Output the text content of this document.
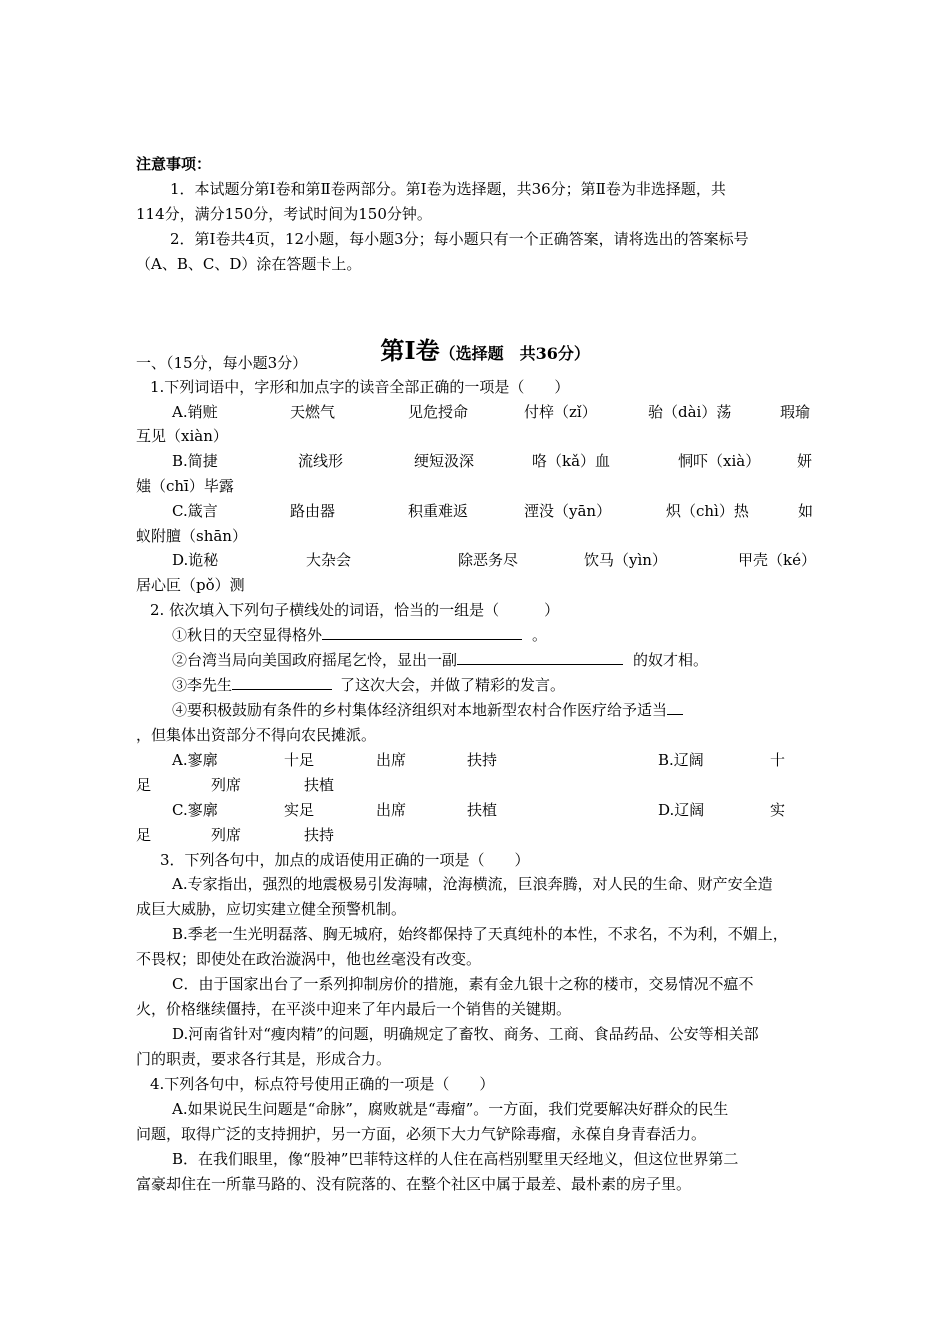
注意事项：
1．本试题分第Ⅰ卷和第Ⅱ卷两部分。第Ⅰ卷为选择题，共36分；第Ⅱ卷为非选择题，共
114分，满分150分，考试时间为150分钟。
2．第Ⅰ卷共4页，12小题，每小题3分；每小题只有一个正确答案，请将选出的答案标号
（A、B、C、D）涂在答题卡上。

第Ⅰ卷（选择题　共36分）

一、（15分，每小题3分）
1.下列词语中，字形和加点字的读音全部正确的一项是（　　）
A.销赃	天燃气	见危授命	付梓（zǐ）	骀（dài）荡	瑕瑜
互见（xiàn）
B.简捷	流线形	绠短汲深	咯（kǎ）血	恫吓（xià） 妍
媸（chī）毕露
C.箴言	路由器	积重难返	湮没（yān）	炽（chì）热	如
蚁附膻（shān）
D.诡秘	大杂会	除恶务尽	饮马（yìn）	甲壳（ké）
居心叵（pǒ）测
2. 依次填入下列句子横线处的词语，恰当的一组是（　　　）
①秋日的天空显得格外	。
②台湾当局向美国政府摇尾乞怜，显出一副	的奴才相。
③李先生	了这次大会，并做了精彩的发言。
④要积极鼓励有条件的乡村集体经济组织对本地新型农村合作医疗给予适当
，但集体出资部分不得向农民摊派。
A.寥廓	十足	出席	扶持	B.辽阔	十
足	列席	扶植
C.寥廓	实足	出席	扶植	D.辽阔	实
足	列席	扶持
3．下列各句中，加点的成语使用正确的一项是（　　）
A.专家指出，强烈的地震极易引发海啸，沧海横流，巨浪奔腾，对人民的生命、财产安全造
成巨大威胁，应切实建立健全预警机制。
B.季老一生光明磊落、胸无城府，始终都保持了天真纯朴的本性，不求名，不为利，不媚上，
不畏权；即使处在政治漩涡中，他也丝毫没有改变。
C．由于国家出台了一系列抑制房价的措施，素有金九银十之称的楼市，交易情况不瘟不
火，价格继续僵持，在平淡中迎来了年内最后一个销售的关键期。
D.河南省针对“瘦肉精”的问题，明确规定了畜牧、商务、工商、食品药品、公安等相关部
门的职责，要求各行其是，形成合力。
4.下列各句中，标点符号使用正确的一项是（　　）
A.如果说民生问题是“命脉”，腐败就是“毒瘤”。一方面，我们党要解决好群众的民生
问题，取得广泛的支持拥护，另一方面，必须下大力气铲除毒瘤，永葆自身青春活力。
B．在我们眼里，像“股神”巴菲特这样的人住在高档别墅里天经地义，但这位世界第二
富豪却住在一所靠马路的、没有院落的、在整个社区中属于最差、最朴素的房子里。
